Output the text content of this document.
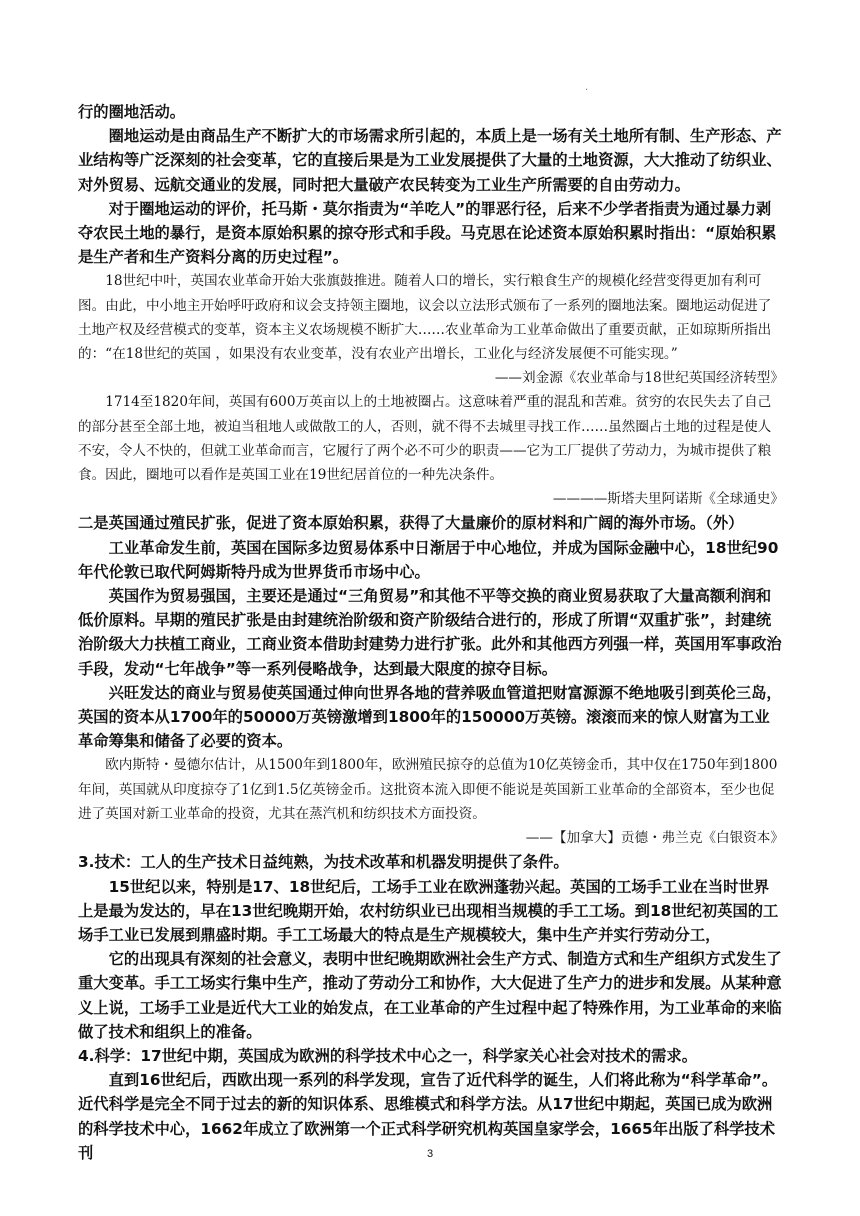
.

行的圈地活动。

圈地运动是由商品生产不断扩大的市场需求所引起的，本质上是一场有关土地所有制、生产形态、产业结构等广泛深刻的社会变革，它的直接后果是为工业发展提供了大量的土地资源，大大推动了纺织业、对外贸易、远航交通业的发展，同时把大量破产农民转变为工业生产所需要的自由劳动力。

对于圈地运动的评价，托马斯・莫尔指责为“羊吃人”的罪恶行径，后来不少学者指责为通过暴力剥夺农民土地的暴行，是资本原始积累的掠夺形式和手段。马克思在论述资本原始积累时指出：“原始积累是生产者和生产资料分离的历史过程”。

18世纪中叶，英国农业革命开始大张旗鼓推进。随着人口的增长，实行粮食生产的规模化经营变得更加有利可图。由此，中小地主开始呼吁政府和议会支持领主圈地，议会以立法形式颁布了一系列的圈地法案。圈地运动促进了土地产权及经营模式的变革，资本主义农场规模不断扩大……农业革命为工业革命做出了重要贡献，正如琼斯所指出的：“在18世纪的英国 ，如果没有农业变革，没有农业产出增长，工业化与经济发展便不可能实现。”

——刘金源《农业革命与18世纪英国经济转型》

1714至1820年间，英国有600万英亩以上的土地被圈占。这意味着严重的混乱和苦难。贫穷的农民失去了自己的部分甚至全部土地，被迫当租地人或做散工的人，否则，就不得不去城里寻找工作……虽然圈占土地的过程是使人不安，令人不快的，但就工业革命而言，它履行了两个必不可少的职责——它为工厂提供了劳动力，为城市提供了粮食。因此，圈地可以看作是英国工业在19世纪居首位的一种先决条件。

————斯塔夫里阿诺斯《全球通史》

二是英国通过殖民扩张，促进了资本原始积累，获得了大量廉价的原材料和广阔的海外市场。（外）

工业革命发生前，英国在国际多边贸易体系中日渐居于中心地位，并成为国际金融中心，18世纪90年代伦敦已取代阿姆斯特丹成为世界货币市场中心。

英国作为贸易强国，主要还是通过“三角贸易”和其他不平等交换的商业贸易获取了大量高额利润和低价原料。早期的殖民扩张是由封建统治阶级和资产阶级结合进行的，形成了所谓“双重扩张”，封建统治阶级大力扶植工商业，工商业资本借助封建势力进行扩张。此外和其他西方列强一样，英国用军事政治手段，发动“七年战争”等一系列侵略战争，达到最大限度的掠夺目标。

兴旺发达的商业与贸易使英国通过伸向世界各地的营养吸血管道把财富源源不绝地吸引到英伦三岛，英国的资本从1700年的50000万英镑激增到1800年的150000万英镑。滚滚而来的惊人财富为工业革命筹集和储备了必要的资本。

欧内斯特・曼德尔估计，从1500年到1800年，欧洲殖民掠夺的总值为10亿英镑金币，其中仅在1750年到1800年间，英国就从印度掠夺了1亿到1.5亿英镑金币。这批资本流入即便不能说是英国新工业革命的全部资本，至少也促进了英国对新工业革命的投资，尤其在蒸汽机和纺织技术方面投资。

——【加拿大】贡德・弗兰克《白银资本》

3.技术：工人的生产技术日益纯熟，为技术改革和机器发明提供了条件。

15世纪以来，特别是17、18世纪后，工场手工业在欧洲蓬勃兴起。英国的工场手工业在当时世界上是最为发达的，早在13世纪晚期开始，农村纺织业已出现相当规模的手工工场。到18世纪初英国的工场手工业已发展到鼎盛时期。手工工场最大的特点是生产规模较大，集中生产并实行劳动分工，

它的出现具有深刻的社会意义，表明中世纪晚期欧洲社会生产方式、制造方式和生产组织方式发生了重大变革。手工工场实行集中生产，推动了劳动分工和协作，大大促进了生产力的进步和发展。从某种意义上说，工场手工业是近代大工业的始发点，在工业革命的产生过程中起了特殊作用，为工业革命的来临做了技术和组织上的准备。

4.科学：17世纪中期，英国成为欧洲的科学技术中心之一，科学家关心社会对技术的需求。

直到16世纪后，西欧出现一系列的科学发现，宣告了近代科学的诞生，人们将此称为“科学革命”。近代科学是完全不同于过去的新的知识体系、思维模式和科学方法。从17世纪中期起，英国已成为欧洲的科学技术中心，1662年成立了欧洲第一个正式科学研究机构英国皇家学会，1665年出版了科学技术刊	3
